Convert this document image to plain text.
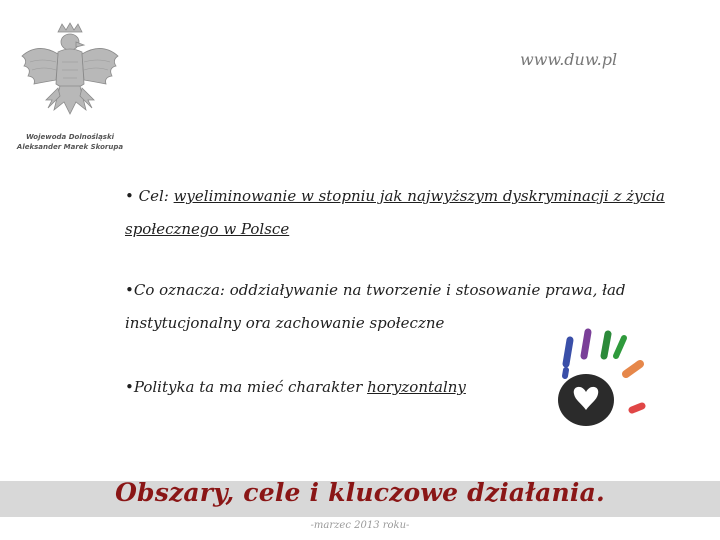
Wojewoda Dolnośląski
Aleksander Marek Skorupa
www.duw.pl
• Cel: wyeliminowanie w stopniu jak najwyższym dyskryminacji z życia społecznego w Polsce
•Co oznacza: oddziaływanie na tworzenie i stosowanie prawa, ład instytucjonalny ora zachowanie społeczne
•Polityka ta ma mieć charakter horyzontalny
Obszary, cele i kluczowe działania.
-marzec 2013 roku-
